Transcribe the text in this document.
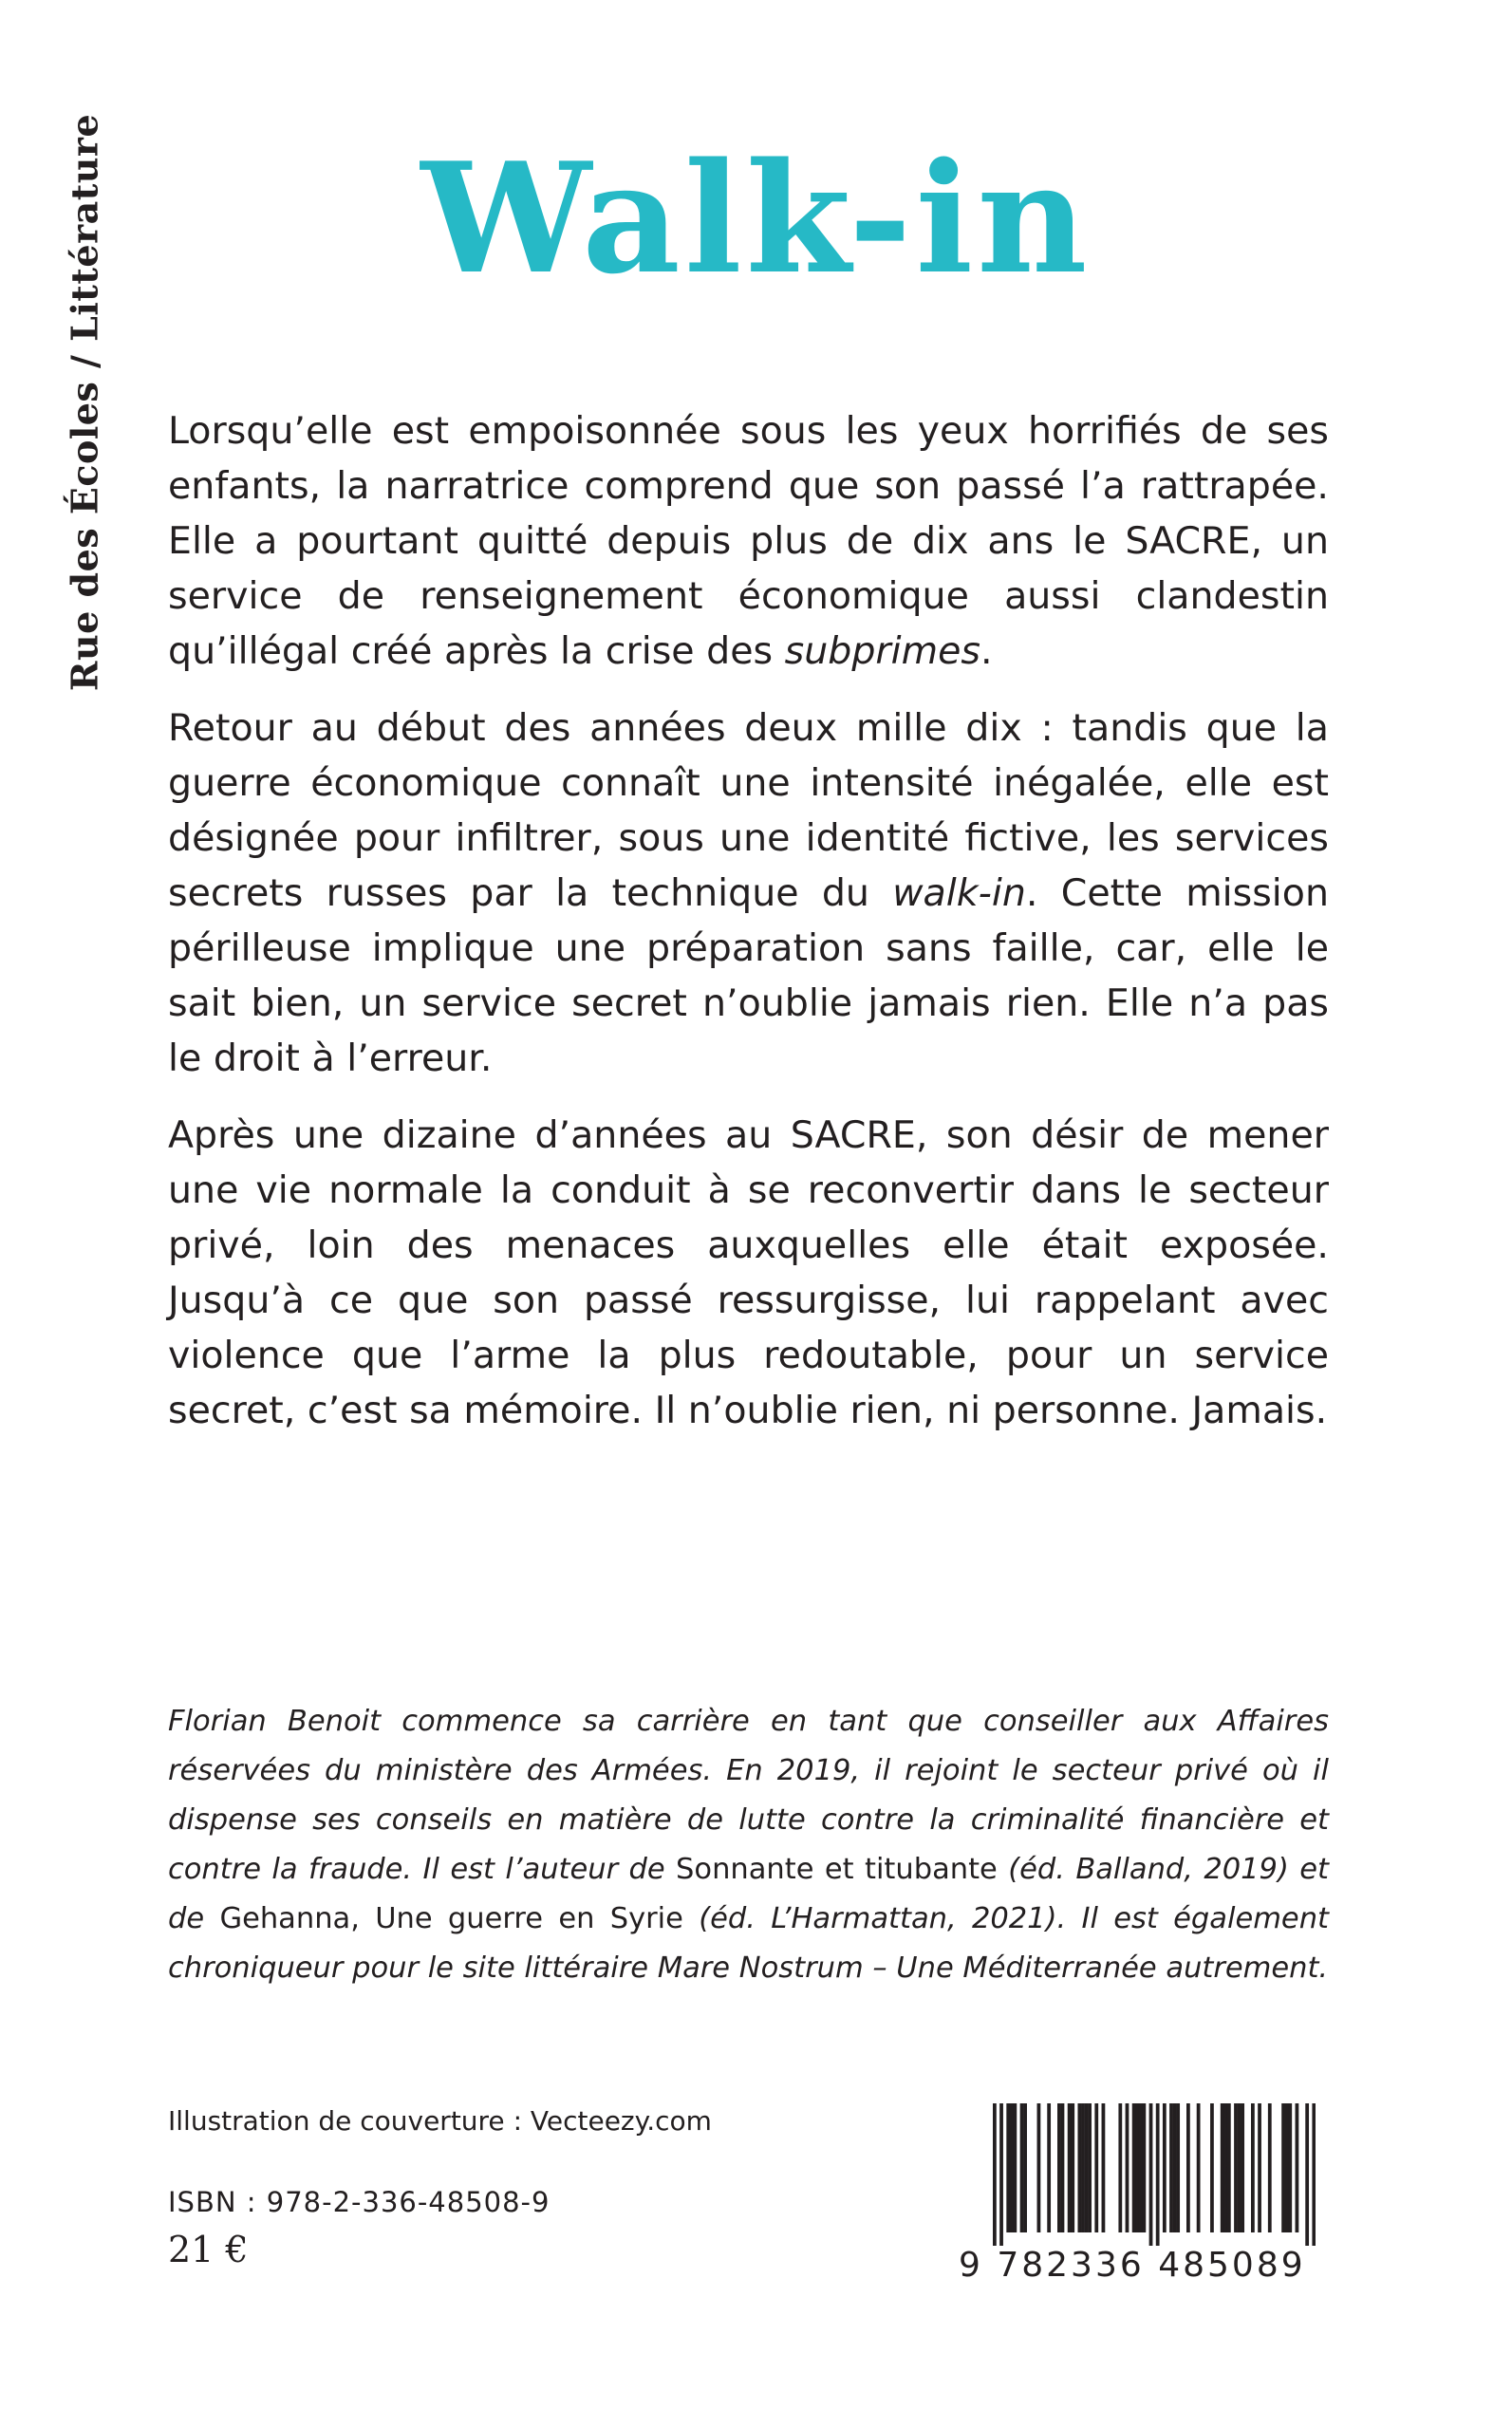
Rue des Écoles / Littérature	Walk-in

Lorsqu’elle est empoisonnée sous les yeux horrifiés de ses enfants, la narratrice comprend que son passé l’a rattrapée. Elle a pourtant quitté depuis plus de dix ans le SACRE, un service de renseignement économique aussi clandestin qu’illégal créé après la crise des subprimes.

Retour au début des années deux mille dix : tandis que la guerre économique connaît une intensité inégalée, elle est désignée pour infiltrer, sous une identité fictive, les services secrets russes par la technique du walk-in. Cette mission périlleuse implique une préparation sans faille, car, elle le sait bien, un service secret n’oublie jamais rien. Elle n’a pas le droit à l’erreur.

Après une dizaine d’années au SACRE, son désir de mener une vie normale la conduit à se reconvertir dans le secteur privé, loin des menaces auxquelles elle était exposée. Jusqu’à ce que son passé ressurgisse, lui rappelant avec violence que l’arme la plus redoutable, pour un service secret, c’est sa mémoire. Il n’oublie rien, ni personne. Jamais.

Florian Benoit commence sa carrière en tant que conseiller aux Affaires réservées du ministère des Armées. En 2019, il rejoint le secteur privé où il dispense ses conseils en matière de lutte contre la criminalité financière et contre la fraude. Il est l’auteur de Sonnante et titubante (éd. Balland, 2019) et de Gehanna, Une guerre en Syrie (éd. L’Harmattan, 2021). Il est également chroniqueur pour le site littéraire Mare Nostrum – Une Méditerranée autrement.

Illustration de couverture : Vecteezy.com
ISBN : 978-2-336-48508-9
21 €	9 782336 485089
